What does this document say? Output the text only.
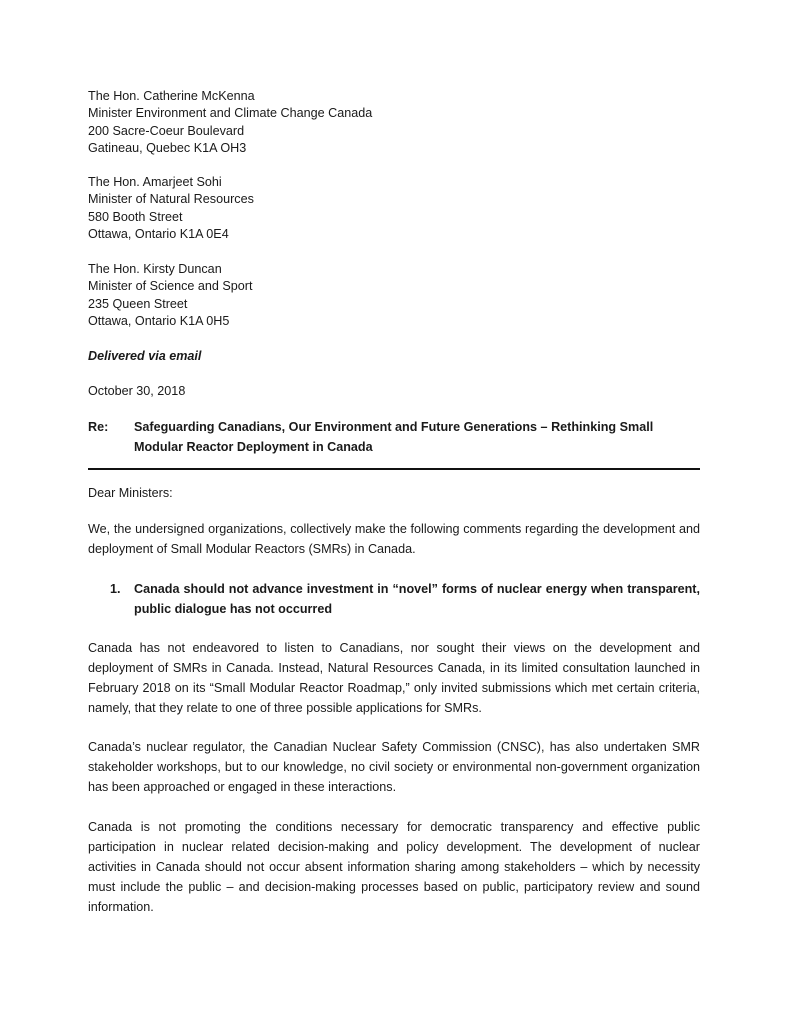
The Hon. Catherine McKenna
Minister Environment and Climate Change Canada
200 Sacre-Coeur Boulevard
Gatineau, Quebec K1A OH3
The Hon. Amarjeet Sohi
Minister of Natural Resources
580 Booth Street
Ottawa, Ontario K1A 0E4
The Hon. Kirsty Duncan
Minister of Science and Sport
235 Queen Street
Ottawa, Ontario K1A 0H5
Delivered via email
October 30, 2018
Re: Safeguarding Canadians, Our Environment and Future Generations – Rethinking Small Modular Reactor Deployment in Canada
Dear Ministers:
We, the undersigned organizations, collectively make the following comments regarding the development and deployment of Small Modular Reactors (SMRs) in Canada.
1. Canada should not advance investment in “novel” forms of nuclear energy when transparent, public dialogue has not occurred
Canada has not endeavored to listen to Canadians, nor sought their views on the development and deployment of SMRs in Canada. Instead, Natural Resources Canada, in its limited consultation launched in February 2018 on its “Small Modular Reactor Roadmap,” only invited submissions which met certain criteria, namely, that they relate to one of three possible applications for SMRs.
Canada’s nuclear regulator, the Canadian Nuclear Safety Commission (CNSC), has also undertaken SMR stakeholder workshops, but to our knowledge, no civil society or environmental non-government organization has been approached or engaged in these interactions.
Canada is not promoting the conditions necessary for democratic transparency and effective public participation in nuclear related decision-making and policy development. The development of nuclear activities in Canada should not occur absent information sharing among stakeholders – which by necessity must include the public – and decision-making processes based on public, participatory review and sound information.
